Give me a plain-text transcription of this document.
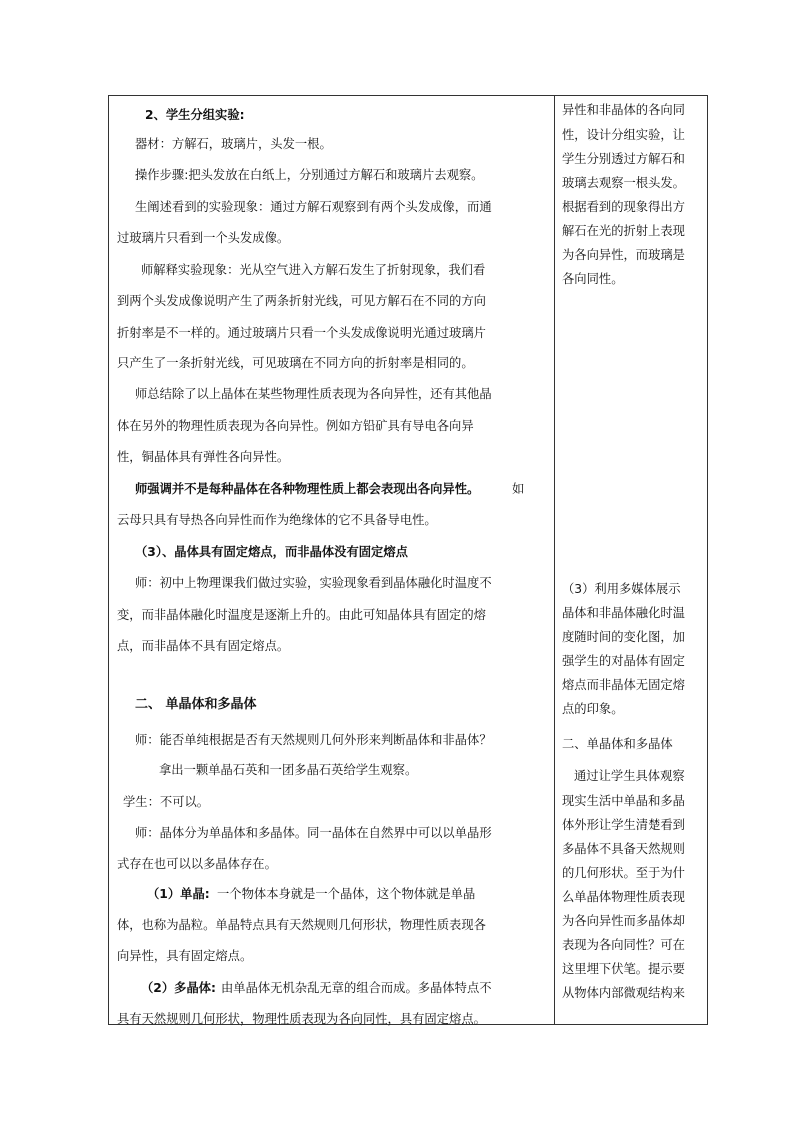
2、学生分组实验:
器材：方解石，玻璃片，头发一根。
操作步骤:把头发放在白纸上，分别通过方解石和玻璃片去观察。
生阐述看到的实验现象：通过方解石观察到有两个头发成像，而通
过玻璃片只看到一个头发成像。
师解释实验现象：光从空气进入方解石发生了折射现象，我们看
到两个头发成像说明产生了两条折射光线，可见方解石在不同的方向
折射率是不一样的。通过玻璃片只看一个头发成像说明光通过玻璃片
只产生了一条折射光线，可见玻璃在不同方向的折射率是相同的。
师总结除了以上晶体在某些物理性质表现为各向异性，还有其他晶
体在另外的物理性质表现为各向异性。例如方铅矿具有导电各向异
性，铜晶体具有弹性各向异性。
师强调并不是每种晶体在各种物理性质上都会表现出各向异性。	如
云母只具有导热各向异性而作为绝缘体的它不具备导电性。
（3）、晶体具有固定熔点，而非晶体没有固定熔点
师：初中上物理课我们做过实验，实验现象看到晶体融化时温度不
变，而非晶体融化时温度是逐渐上升的。由此可知晶体具有固定的熔
点，而非晶体不具有固定熔点。
二、 单晶体和多晶体
师：能否单纯根据是否有天然规则几何外形来判断晶体和非晶体？
拿出一颗单晶石英和一团多晶石英给学生观察。
学生：不可以。
师：晶体分为单晶体和多晶体。同一晶体在自然界中可以以单晶形
式存在也可以以多晶体存在。
（1）单晶: 一个物体本身就是一个晶体，这个物体就是单晶
体，也称为晶粒。单晶特点具有天然规则几何形状，物理性质表现各
向异性，具有固定熔点。
（2）多晶体: 由单晶体无机杂乱无章的组合而成。多晶体特点不
具有天然规则几何形状，物理性质表现为各向同性，具有固定熔点。
异性和非晶体的各向同
性，设计分组实验，让
学生分别透过方解石和
玻璃去观察一根头发。
根据看到的现象得出方
解石在光的折射上表现
为各向异性，而玻璃是
各向同性。
（3）利用多媒体展示
晶体和非晶体融化时温
度随时间的变化图，加
强学生的对晶体有固定
熔点而非晶体无固定熔
点的印象。
二、单晶体和多晶体
通过让学生具体观察
现实生活中单晶和多晶
体外形让学生清楚看到
多晶体不具备天然规则
的几何形状。至于为什
么单晶体物理性质表现
为各向异性而多晶体却
表现为各向同性？可在
这里埋下伏笔。提示要
从物体内部微观结构来
